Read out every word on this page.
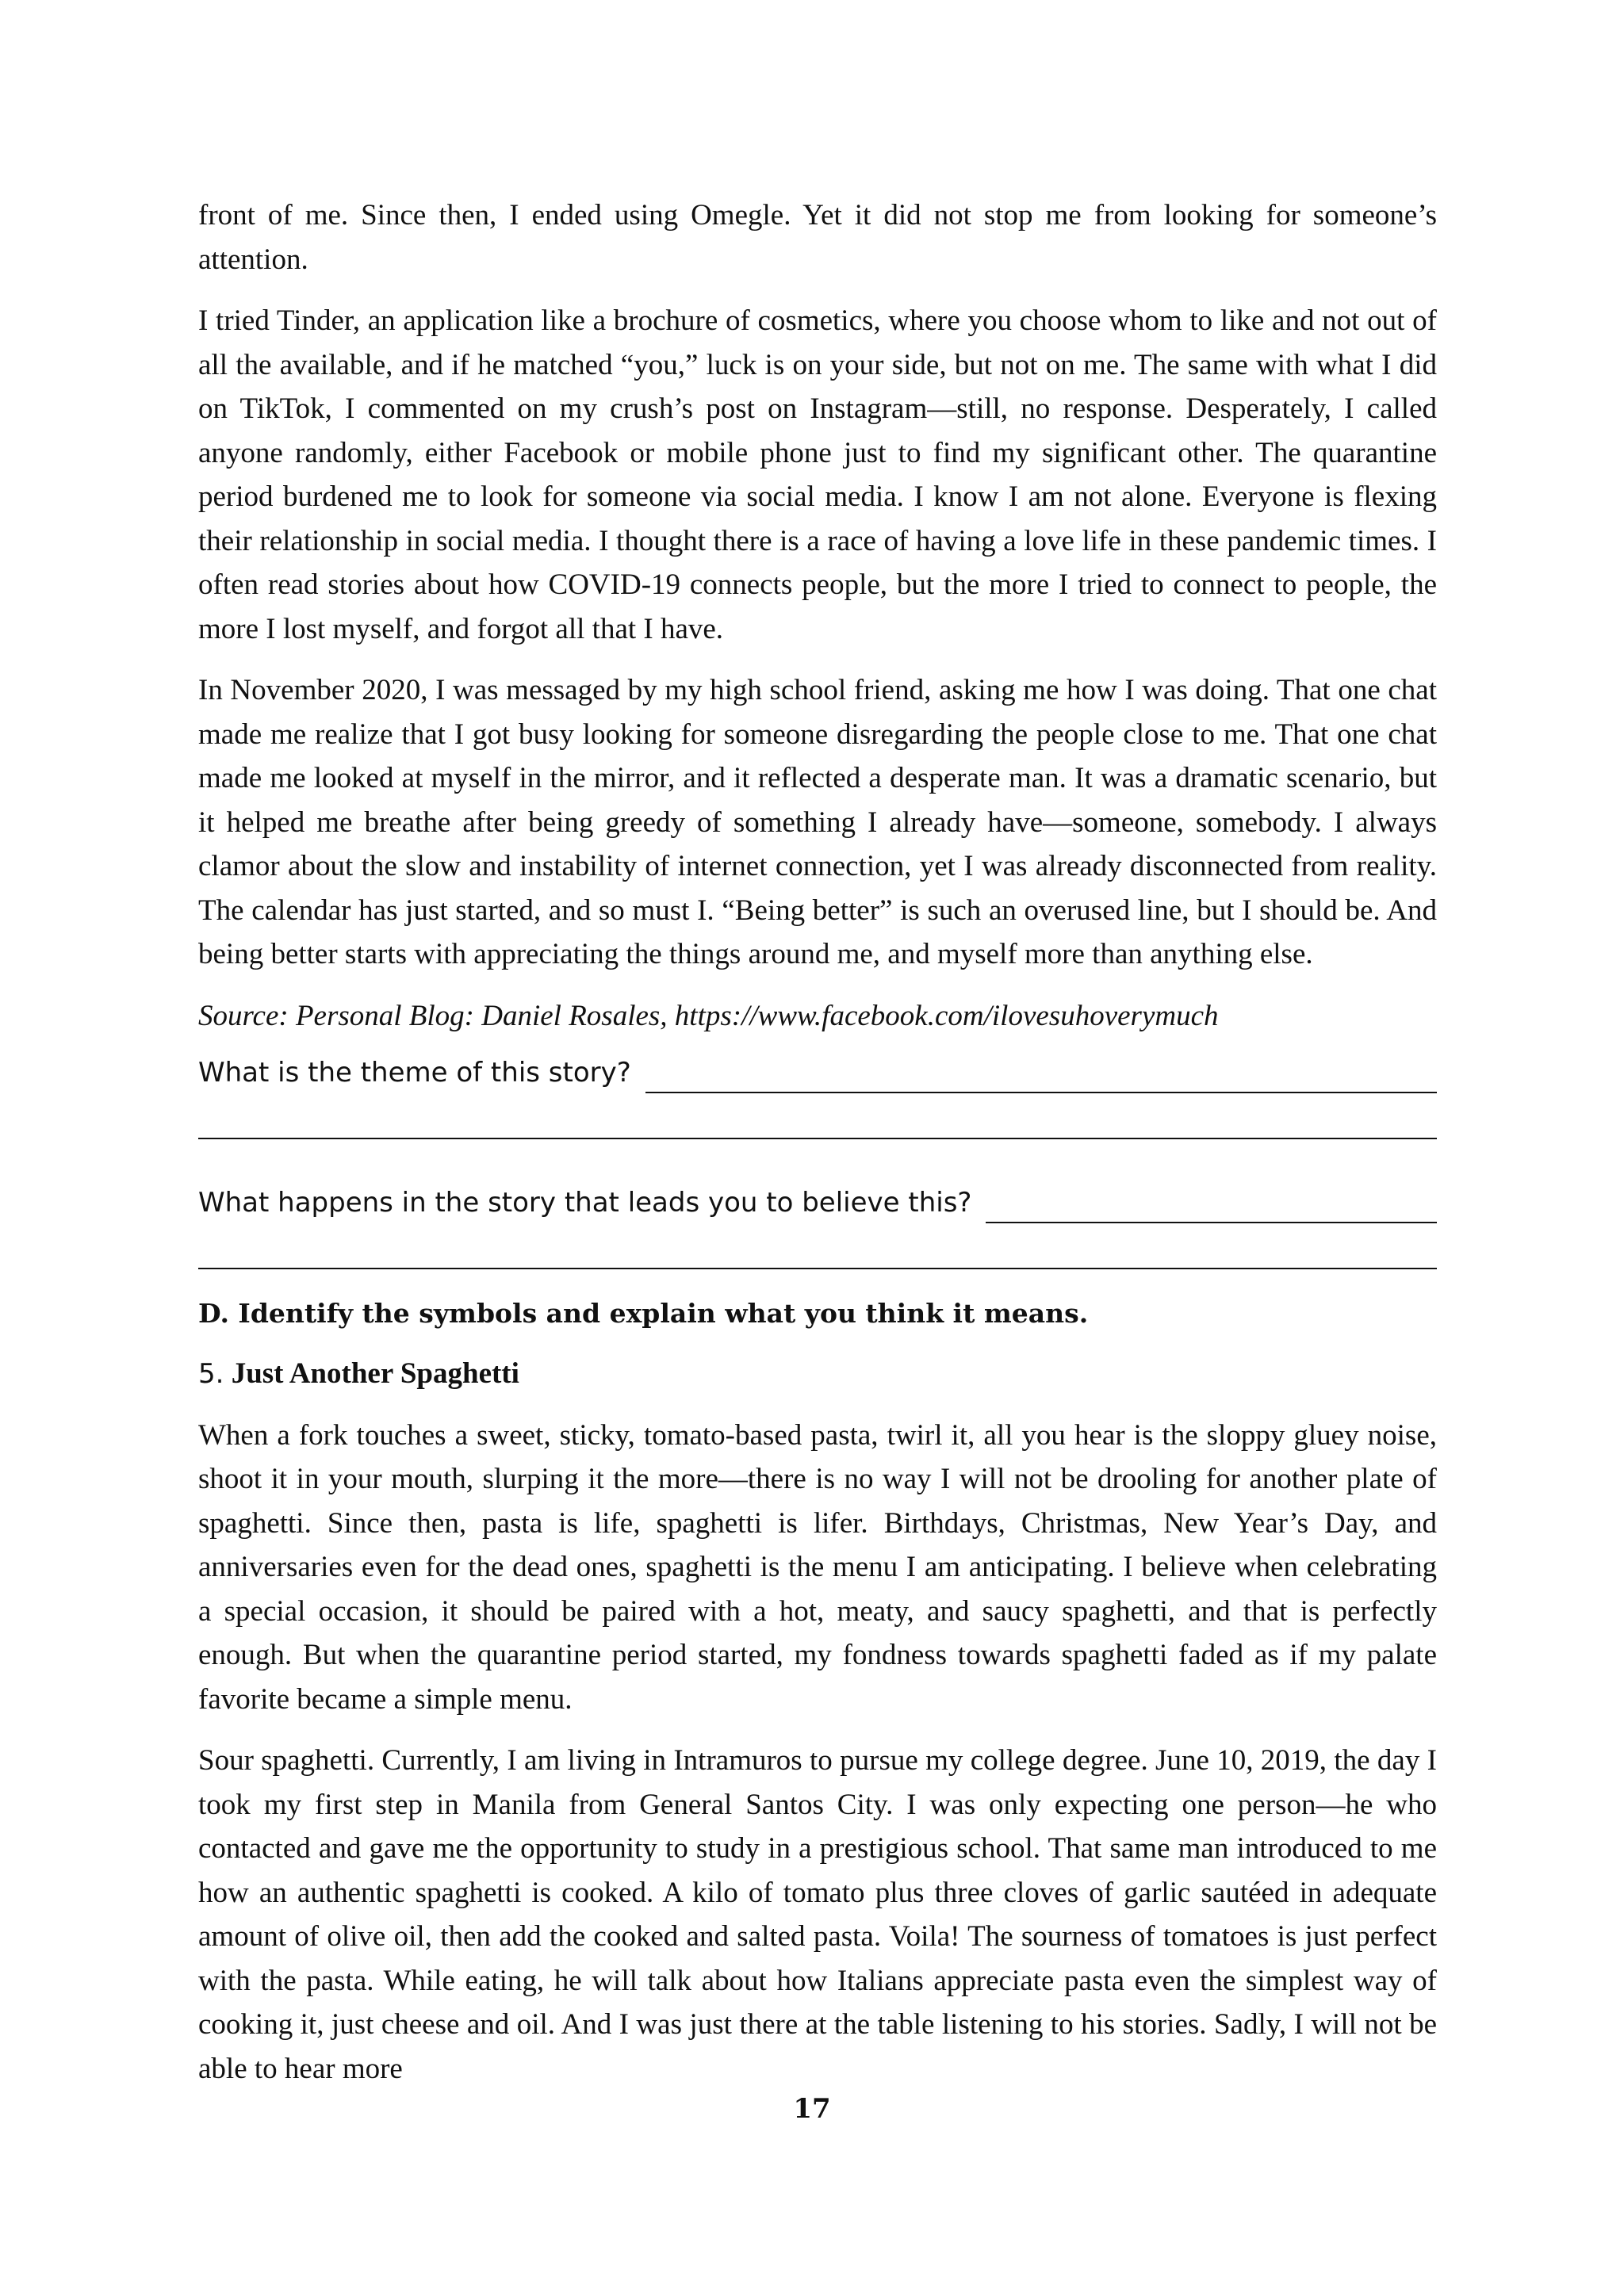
front of me. Since then, I ended using Omegle. Yet it did not stop me from looking for someone’s attention.

I tried Tinder, an application like a brochure of cosmetics, where you choose whom to like and not out of all the available, and if he matched “you,” luck is on your side, but not on me. The same with what I did on TikTok, I commented on my crush’s post on Instagram—still, no response. Desperately, I called anyone randomly, either Facebook or mobile phone just to find my significant other. The quarantine period burdened me to look for someone via social media. I know I am not alone. Everyone is flexing their relationship in social media. I thought there is a race of having a love life in these pandemic times. I often read stories about how COVID-19 connects people, but the more I tried to connect to people, the more I lost myself, and forgot all that I have.

In November 2020, I was messaged by my high school friend, asking me how I was doing. That one chat made me realize that I got busy looking for someone disregarding the people close to me. That one chat made me looked at myself in the mirror, and it reflected a desperate man. It was a dramatic scenario, but it helped me breathe after being greedy of something I already have—someone, somebody. I always clamor about the slow and instability of internet connection, yet I was already disconnected from reality. The calendar has just started, and so must I. “Being better” is such an overused line, but I should be. And being better starts with appreciating the things around me, and myself more than anything else.

Source: Personal Blog: Daniel Rosales, https://www.facebook.com/ilovesuhoverymuch

What is the theme of this story?
What happens in the story that leads you to believe this?

D. Identify the symbols and explain what you think it means.

5. Just Another Spaghetti

When a fork touches a sweet, sticky, tomato-based pasta, twirl it, all you hear is the sloppy gluey noise, shoot it in your mouth, slurping it the more—there is no way I will not be drooling for another plate of spaghetti. Since then, pasta is life, spaghetti is lifer. Birthdays, Christmas, New Year’s Day, and anniversaries even for the dead ones, spaghetti is the menu I am anticipating. I believe when celebrating a special occasion, it should be paired with a hot, meaty, and saucy spaghetti, and that is perfectly enough. But when the quarantine period started, my fondness towards spaghetti faded as if my palate favorite became a simple menu.

Sour spaghetti. Currently, I am living in Intramuros to pursue my college degree. June 10, 2019, the day I took my first step in Manila from General Santos City. I was only expecting one person—he who contacted and gave me the opportunity to study in a prestigious school. That same man introduced to me how an authentic spaghetti is cooked. A kilo of tomato plus three cloves of garlic sautéed in adequate amount of olive oil, then add the cooked and salted pasta. Voila! The sourness of tomatoes is just perfect with the pasta. While eating, he will talk about how Italians appreciate pasta even the simplest way of cooking it, just cheese and oil. And I was just there at the table listening to his stories. Sadly, I will not be able to hear more

17
